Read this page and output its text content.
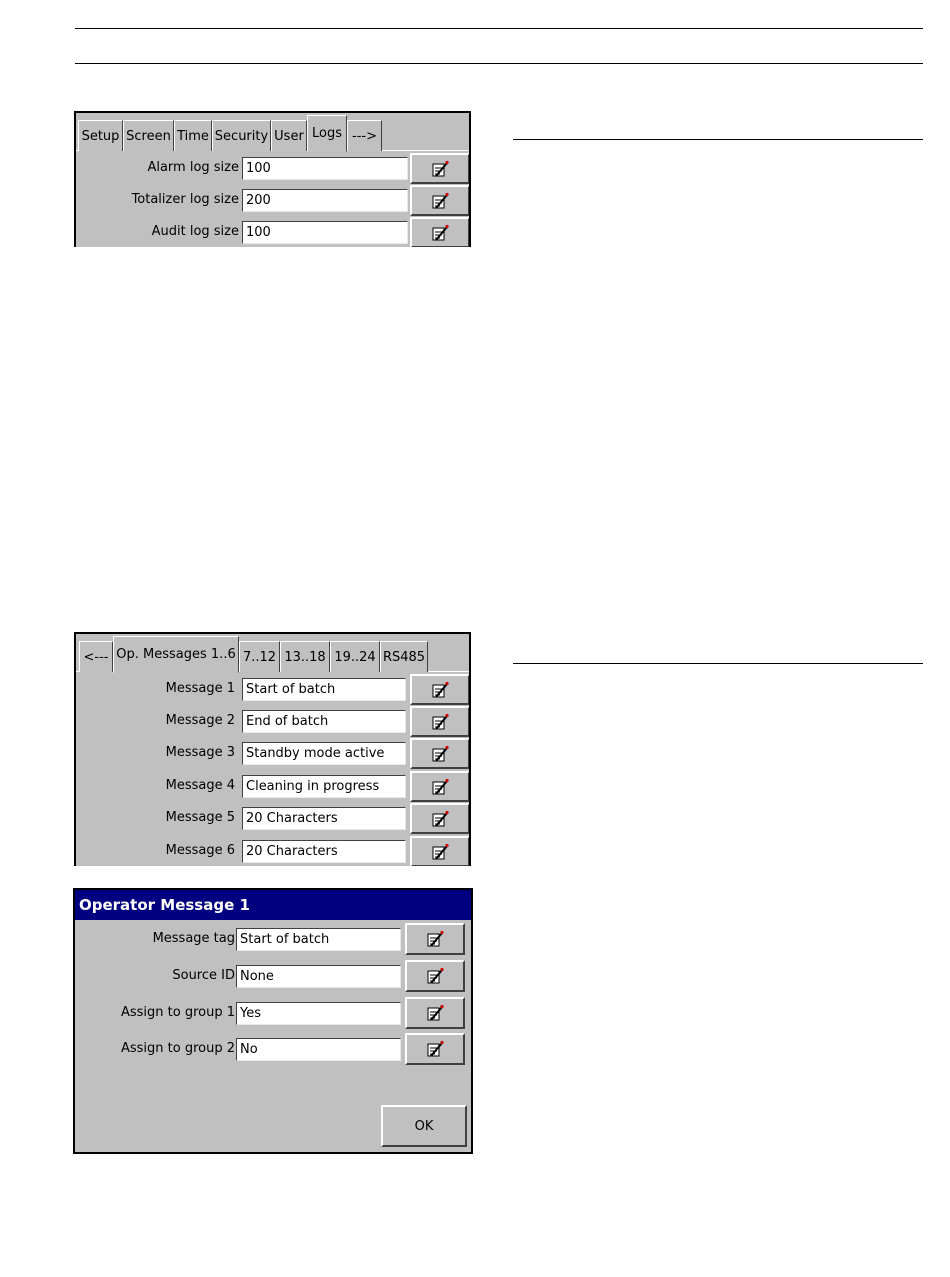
Setup Screen Time Security User Logs --->
Alarm log size 100
Totalizer log size 200
Audit log size 100
<--- Op. Messages 1..6 7..12 13..18 19..24 RS485
Message 1 Start of batch
Message 2 End of batch
Message 3 Standby mode active
Message 4 Cleaning in progress
Message 5 20 Characters
Message 6 20 Characters
Operator Message 1
Message tag Start of batch
Source ID None
Assign to group 1 Yes
Assign to group 2 No
OK
